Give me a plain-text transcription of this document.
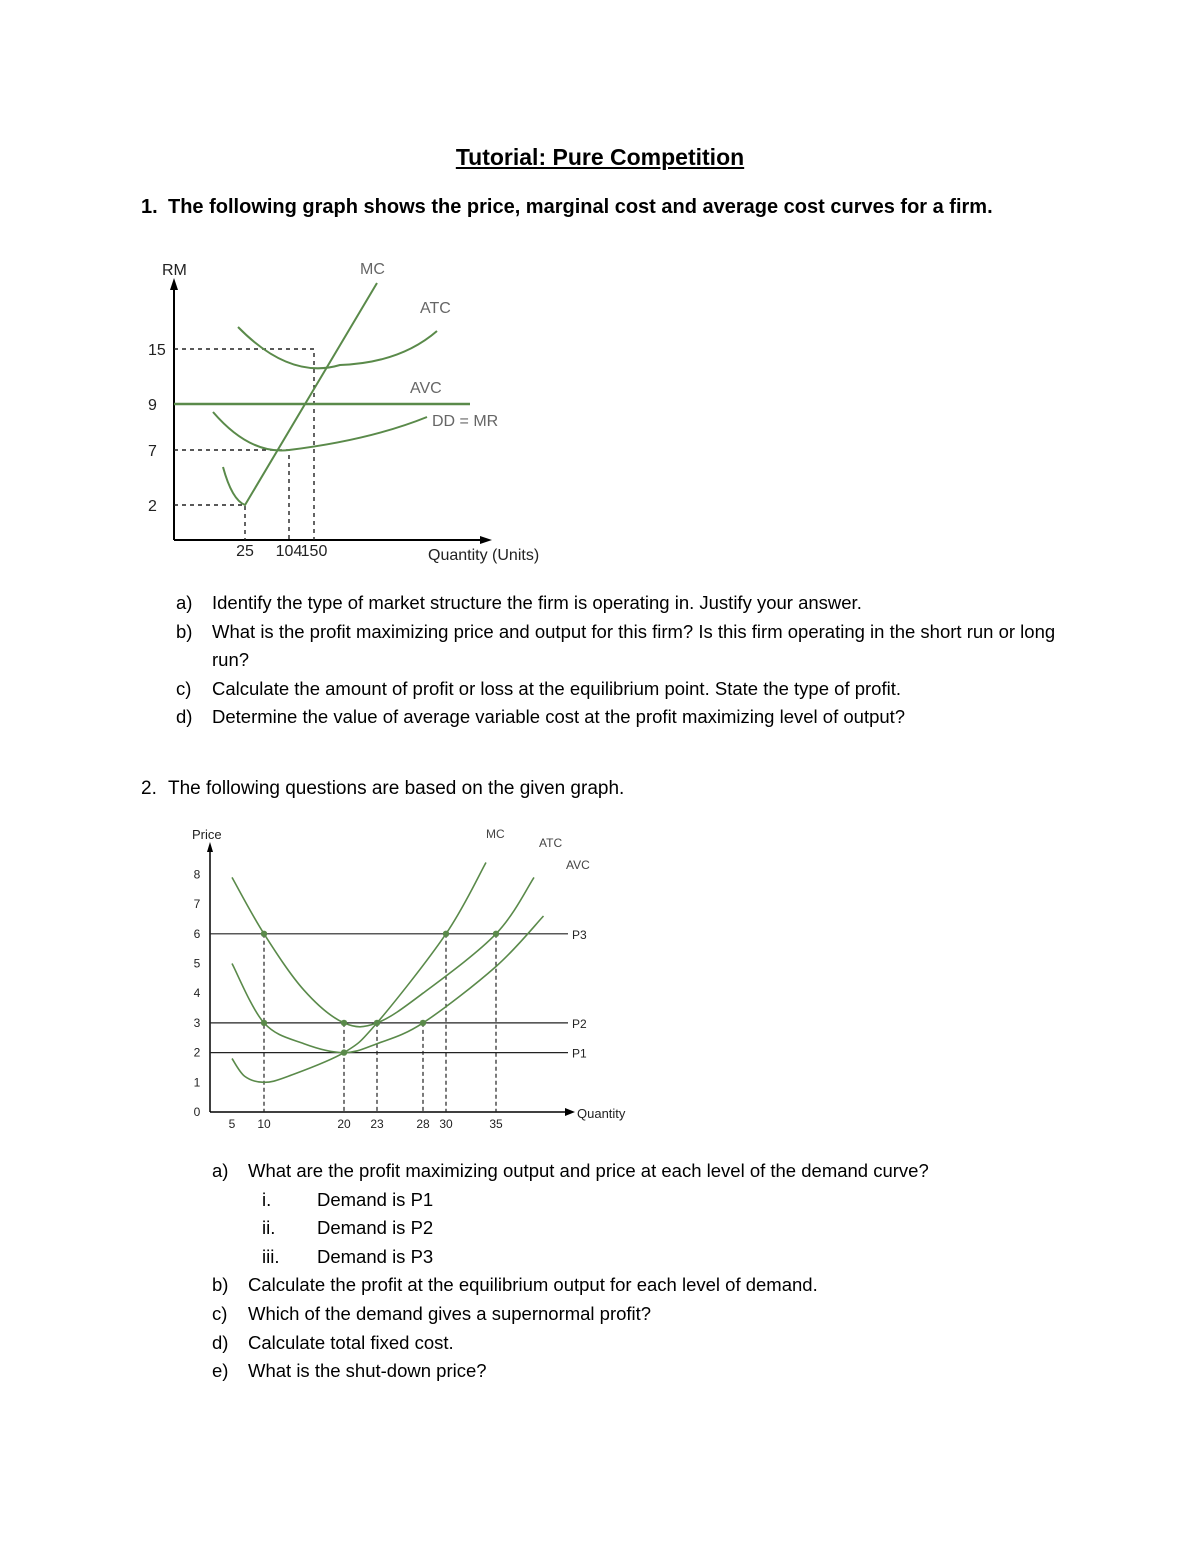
Tutorial: Pure Competition
1. The following graph shows the price, marginal cost and average cost curves for a firm.
RM
Quantity (Units)
15
9
7
2
25 104
150
MC
ATC
AVC
DD = MR
a) Identify the type of market structure the firm is operating in. Justify your answer.
b) What is the profit maximizing price and output for this firm? Is this firm operating in the short run or long run?
c) Calculate the amount of profit or loss at the equilibrium point. State the type of profit.
d) Determine the value of average variable cost at the profit maximizing level of output?
2. The following questions are based on the given graph.
Price
Quantity
0
1
2
3
4
5
6
7
8
5 10	20 23	28 30	35
MC
ATC
AVC
P1
P2
P3
a) What are the profit maximizing output and price at each level of the demand curve?
i. Demand is P1
ii. Demand is P2
iii. Demand is P3
b) Calculate the profit at the equilibrium output for each level of demand.
c) Which of the demand gives a supernormal profit?
d) Calculate total fixed cost.
e) What is the shut-down price?
